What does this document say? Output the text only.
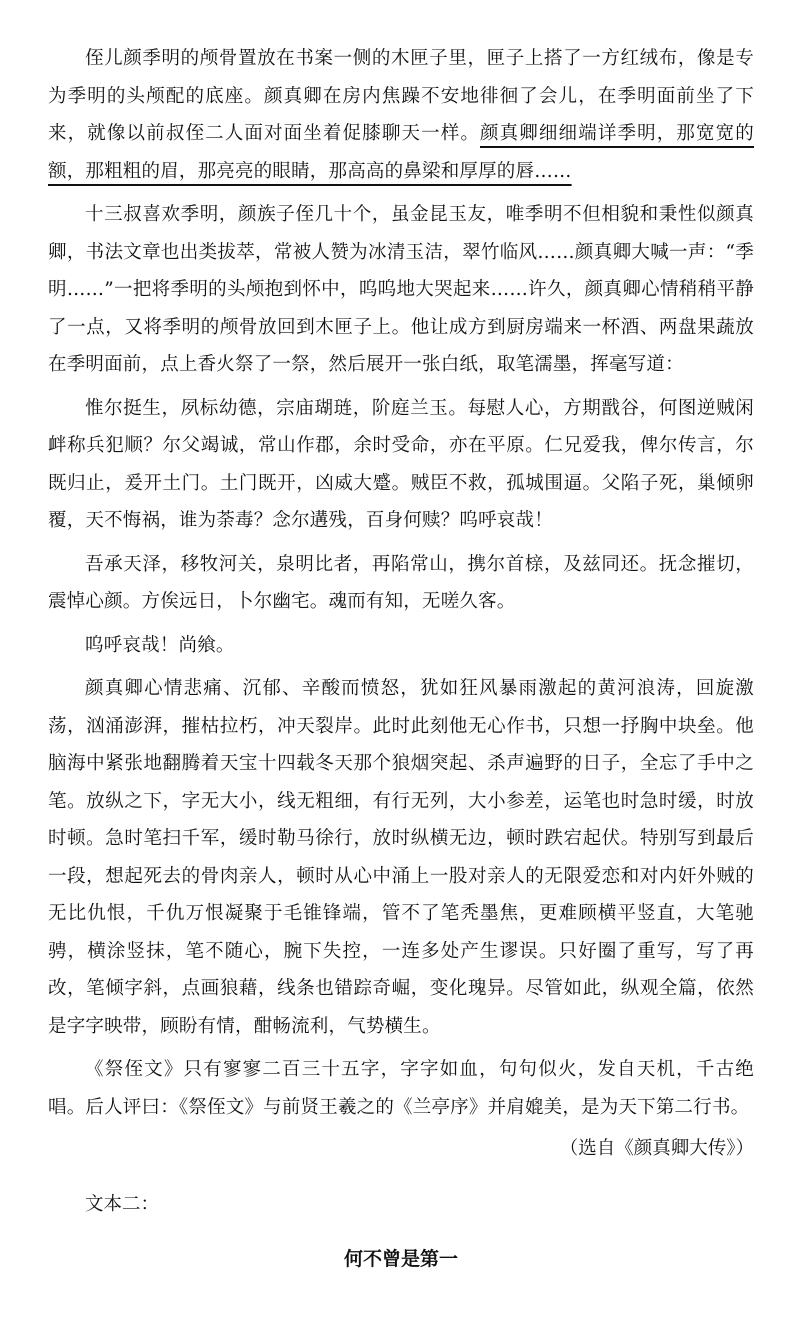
侄儿颜季明的颅骨置放在书案一侧的木匣子里，匣子上搭了一方红绒布，像是专为季明的头颅配的底座。颜真卿在房内焦躁不安地徘徊了会儿，在季明面前坐了下来，就像以前叔侄二人面对面坐着促膝聊天一样。颜真卿细细端详季明，那宽宽的额，那粗粗的眉，那亮亮的眼睛，那高高的鼻梁和厚厚的唇……

十三叔喜欢季明，颜族子侄几十个，虽金昆玉友，唯季明不但相貌和秉性似颜真卿，书法文章也出类拔萃，常被人赞为冰清玉洁，翠竹临风……颜真卿大喊一声：“季明……”一把将季明的头颅抱到怀中，呜呜地大哭起来……许久，颜真卿心情稍稍平静了一点，又将季明的颅骨放回到木匣子上。他让成方到厨房端来一杯酒、两盘果蔬放在季明面前，点上香火祭了一祭，然后展开一张白纸，取笔濡墨，挥毫写道：

惟尔挺生，夙标幼德，宗庙瑚琏，阶庭兰玉。每慰人心，方期戬谷，何图逆贼闲衅称兵犯顺？尔父竭诚，常山作郡，余时受命，亦在平原。仁兄爱我，俾尔传言，尔既归止，爰开土门。土门既开，凶威大蹙。贼臣不救，孤城围逼。父陷子死，巢倾卵覆，天不悔祸，谁为荼毒？念尔遘残，百身何赎？呜呼哀哉！

吾承天泽，移牧河关，泉明比者，再陷常山，携尔首榇，及兹同还。抚念摧切，震悼心颜。方俟远日，卜尔幽宅。魂而有知，无嗟久客。

呜呼哀哉！尚飨。

颜真卿心情悲痛、沉郁、辛酸而愤怒，犹如狂风暴雨激起的黄河浪涛，回旋激荡，汹涌澎湃，摧枯拉朽，冲天裂岸。此时此刻他无心作书，只想一抒胸中块垒。他脑海中紧张地翻腾着天宝十四载冬天那个狼烟突起、杀声遍野的日子，全忘了手中之笔。放纵之下，字无大小，线无粗细，有行无列，大小参差，运笔也时急时缓，时放时顿。急时笔扫千军，缓时勒马徐行，放时纵横无边，顿时跌宕起伏。特别写到最后一段，想起死去的骨肉亲人，顿时从心中涌上一股对亲人的无限爱恋和对内奸外贼的无比仇恨，千仇万恨凝聚于毛锥锋端，管不了笔秃墨焦，更难顾横平竖直，大笔驰骋，横涂竖抹，笔不随心，腕下失控，一连多处产生谬误。只好圈了重写，写了再改，笔倾字斜，点画狼藉，线条也错踪奇崛，变化瑰异。尽管如此，纵观全篇，依然是字字映带，顾盼有情，酣畅流利，气势横生。

《祭侄文》只有寥寥二百三十五字，字字如血，句句似火，发自天机，千古绝唱。后人评曰：《祭侄文》与前贤王羲之的《兰亭序》并肩媲美，是为天下第二行书。

（选自《颜真卿大传》）

文本二：

何不曾是第一
